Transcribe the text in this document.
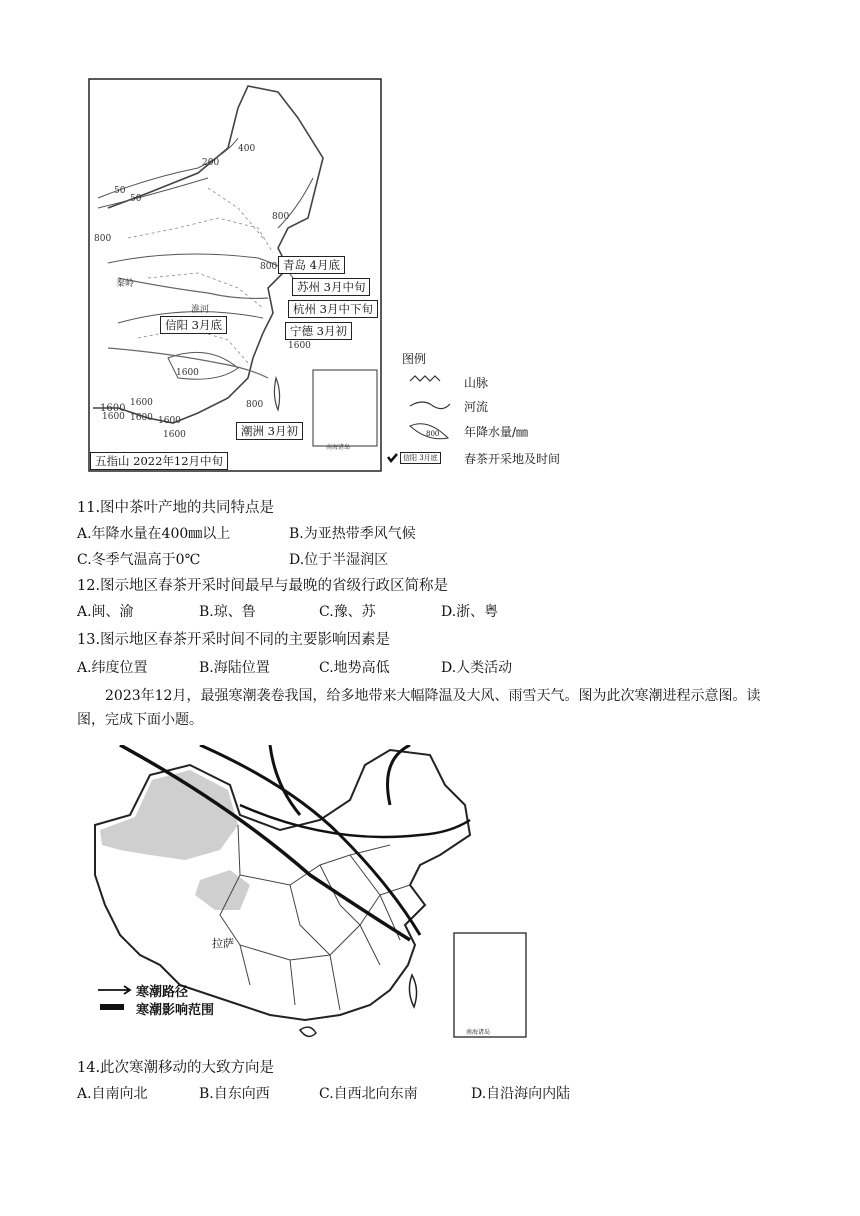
秦岭
淮河
400
200
50
50
800
800
800
1600
1600
1600 1600
1600
1600	1600
1600
800
青岛 4月底
苏州 3月中旬
杭州 3月中下旬
宁德 3月初
信阳 3月底
潮洲 3月初
五指山 2022年12月中旬
南海诸岛
图例
山脉
河流
年降水量/㎜
800
信阳 3月底 春茶开采地及时间
11.图中茶叶产地的共同特点是
A.年降水量在400㎜以上	B.为亚热带季风气候
C.冬季气温高于0℃	D.位于半湿润区
12.图示地区春茶开采时间最早与最晚的省级行政区简称是
A.闽、渝	B.琼、鲁	C.豫、苏	D.浙、粤
13.图示地区春茶开采时间不同的主要影响因素是
A.纬度位置	B.海陆位置	C.地势高低	D.人类活动
2023年12月，最强寒潮袭卷我国，给多地带来大幅降温及大风、雨雪天气。图为此次寒潮进程示意图。读图，完成下面小题。
拉萨
南海诸岛
寒潮路径
寒潮影响范围
14.此次寒潮移动的大致方向是
A.自南向北	B.自东向西	C.自西北向东南	D.自沿海向内陆
